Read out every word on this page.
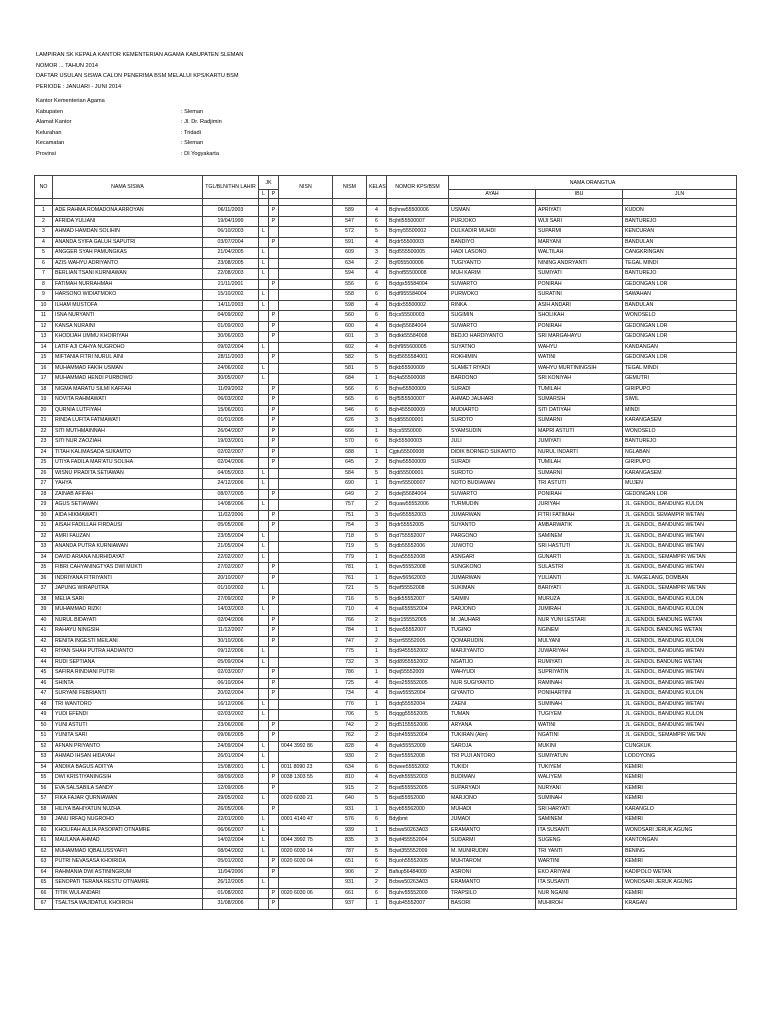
LAMPIRAN SK KEPALA KANTOR KEMENTERIAN AGAMA KABUPATEN SLEMAN
NOMOR ... TAHUN 2014
DAFTAR USULAN SISWA CALON PENERIMA BSM MELALUI KPS/KARTU BSM
PERIODE : JANUARI - JUNI 2014
Kantor Kementerian Agama
Kabupaten	: Sleman
Alamat Kantor	: Jl. Dr. Radjimin
Kelurahan	: Tridadi
Kecamatan	: Sleman
Provinsi	: DI Yogyakarta
NO	NAMA SISWA	TGL/BLN/THN LAHIR	JK		NISN	NISM	KELAS	NOMOR KPS/BSM	NAMA ORANGTUA		
			L	P					AYAH	IBU	JLN

1	ADE RAHMA ROMADONA ARROYAN	06/11/2003		P		589	4	Bcjhnw55500006	USMAN	APRIYATI	KUDON
2	AFRIDA YULIANI	19/04/1999		P		547	6	Bcjhtl55500007	PURJOKO	WIJI SARI	BANTUREJO
3	AHMAD HAMDAN SOLIHIN	06/10/2003	L			572	5	Bcjmy55500002	DULKADIR MUHDI	SUPARMI	KENCURAN
4	ANANDA SYIFA GALUH SAPUTRI	03/07/2004		P		591	4	Bcjdr55500003	BANDIYO	MARYANI	BANDULAN
5	ANGGER SYAH PAMUNGKAS	21/04/2005	L			609	3	Bcjd555500005	HADI LASONO	WALTILAH	CANGKRINGAN
6	AZIS WAHYU ADRIYANTO	23/08/2005	L			634	2	Bcjf055500006	TUGIYANTO	NINING ANDRYANTI	TEGAL MINDI
7	BERLIAN TSANI KURNIAWAN	22/08/2003	L			594	4	Bcjhof55500008	MUH KARIM	SUMIYATI	BANTUREJO
8	FATIMAH NURRAHMAH	21/11/2001		P		556	6	Bcjdgs55584004	SUWARTO	PONIRAH	GEDONGAN LOR
9	HARSONO WIDIATMOKO	15/10/2002	L			558	6	Bcjdf955584004	PURWOKO	SURATINI	SAWAHAN
10	ILHAM MUSTOFA	14/11/2003	L			598	4	Bcjdix55500002	RINKA	ASIH ANDARI	BANDULAN
11	ISNA NURYANTI	04/09/2002		P		560	6	Bcjcs55500003	SUGIMIN	SHOLIKAH	WONOSELO
12	KANSA NURAINI	01/09/2003		P		600	4	Bcjdej55684004	SUWARTO	PONIRAH	GEDONGAN LOR
13	KHODIJAH UMMU KHOIRIYAH	30/06/2003		P		601	3	Bcjdkk55584008	BEDJO HARDIYANTO	SRI MARGAHAYU	GEDONGAN LOR
14	LATIF AJI CAHYA NUGROHO	09/02/2004	L			602	4	Bcjhf955600005	SUYATNO	WAHYU	KANDANGAN
15	MIFTANIA FITRI NURUL AINI	28/11/2003		P		582	5	Bcjd565558400​1	ROKHIMIN	WATINI	GEDONGAN LOR
16	MUHAMMAD FAKIH USMAN	24/06/2002	L			581	5	Bcjkb55500009	SLAMET RIYADI	WAHYU MURTININGSIH	TEGAL MINDI
17	MUHAMMAD HENDI PURBOWO	30/05/2007	L			684	1	Bcj4a55500008	BARDONO	SRI KONIYAH	GEMUTRI
18	NIGMA MARATU SILMI KAFFAH	11/09/2002		P		566	6	Bcjhw55500009	SURADI	TUMILAH	GIRIPUPO
19	NOVITA RAHMAWATI	06/03/2002		P		565	6	Bcjf5l55500007	AHMAD JAUHARI	SUMARSIH	SIWIL
20	QURNIA LUTFIYAH	15/06/2001		P		546	6	Bcjh455500009	MUDIARTO	SITI DATIYAH	MINDI
21	RINDA LUFITA FATMAWATI	01/01/2005		P		626	3	Bcjdi55500001	SURDTO	SUMARNI	KARANGASEM
22	SITI MUTHMAINNAH	26/04/2007		P		666	1	Bcjcs5550000	SYAMSUDIN	MAPRI ASTUTI	WONOSELO
23	SITI NUR ZAOZIAH	19/03/2001		P		570	6	Bcjk55500003	JULI	JUMIYATI	BANTUREJO
24	TITAH KALIMASADA SUKAMTO	02/02/2007		P		688	1	Cjgtu55500008	DIDIK BORNEO SUKAMTO	NURUL INDARTI	NGLABAN
25	UTIYA FADILA MAR'ATU SOLIHA	02/04/2006		P		645	2	Bcjhw55500009	SURADI	TUMILAH	GIRIPUPO
26	WISNU PRADITA SETIAWAN	04/05/2003	L			584	5	Bcjdi55500001	SURDTO	SUMARNI	KARANGASEM
27	YAHYA	24/12/2006	L			690	1	Bcjmr55500007	NOTO BUDIAWAN	TRI ASTUTI	MUJEN
28	ZAINAB AFIFAH	08/07/2005		P		649	2	Bcjdej55684004	SUWARTO	PONIRAH	GEDONGAN LOR
29	AGUS SETIAWAN	14/08/2006	L			757	2	Bcjuaw5555200​6	TURMUDIN	JURIYAH	JL. GENDOL, BANDUNG KULON
30	AIDA HIKMAWATI	11/02/2006		P		751	3	Bcjw955552003	JUMARWAN	FITRI FATIMAH	JL. GENDOL SEMAMPIR WETAN
31	AISAH FADILLAH FIRDAUSI	05/05/2006		P		754	3	Bcjdr55552005	SUYANTO	AMBARWATIK	JL. GENDOL, BANDUNG WETAN
32	AMRI FAUZAN	23/05/2004	L			718	5	Bcjd755552007	PARGONO	SAMINEM	JL. GENDOL, BANDUNG WETAN
33	ANANDA PUTRA KURNIAWAN	21/05/2004	L			719	5	Bcjdb55552006	JUWOTO	SRI HASTUTI	JL. GENDOL, BANDUNG WETAN
34	DAVID ARIANA NURHIDAYAT	22/02/2007	L			779	1	Bcjea55552008	ASNGARI	GUNARTI	JL. GENDOL, SEMAMPIR WETAN
35	FIBRI CAHYANINGTYAS DWI MUKTI	27/02/2007		P		781	1	Bcjwv55552008	SUNGKONO	SULASTRI	JL. GENDOL, BANDUNG WETAN
36	INDRIYANA FITRIYANTI	20/10/2007		P		761	1	Bcjwv56562003	JUMARWAN	YULIANTI	JL. MAGELANG, DOMBAN
37	JAPUNG WIRAPUTRA	01/10/2002	L			721	5	Bcjwf55552008	SUKIMAN	BARIYATI	JL. GENDOL, SEMAMPIR WETAN
38	MELIA SARI	27/09/2002		P		716	5	Bcjdk55552007	SAIMIN	MURUZA	JL. GENDOL, BANDUNG KULON
39	MUHAMMAD RIZKI	14/03/2003	L			710	4	Bcjsa655552004	PARJONO	JUMIRAH	JL. GENDOL, BANDUNG KULON
40	NURUL BIDAYATI	02/04/2006		P		766	2	Bcjsr155552005	M. JAUHARI	NUR YUNI LESTARI	JL. GENDOL BANDUNG WETAN
41	RAHAYU NINGSIH	11/12/2007		P		784	1	Bcjwo55552007	TUGINO	NGINEM	JL. GENDOL BANDUNG WETAN
42	RENITA INGESTI MEILANI	30/10/2006		P		747	2	Bcjsrr55552005	QOMARUDIN	MULYANI	JL. GENDOL, BANDUNG KULON
43	RIYAN SHAH PUTRA HADIANTO	09/12/2006	L			775	1	Bcjd9455552002	MARJIYANTO	JUWARIYAH	JL. GENDOL, BANDUNG WETAN
44	RUDI SEPTIANA	05/09/2004	L			732	3	Bcjd895555200​2	NGATIJO	RUMIYATI	JL. GENDOL BANDUNG WETAN
45	SAFIRA RINDIANI PUTRI	02/03/2007		P		786	1	Bcjwj55552009	WAHYUDI	SUPRIYATIN	JL. GENDOL, BANDUNG WETAN
46	SHINTA	06/10/2004		P		725	4	Bcjes255552005	NUR SUGIYANTO	RAMINAH	JL. GENDOL, BANDUNG WETAN
47	SURYANI FEBRIANTI	20/02/2004		P		734	4	Bcjsw55552004	GIYANTO	PONIHARTINI	JL. GENDOL, BANDUNG KULON
48	TRI WANTORO	16/12/2006	L			776	1	Bcjdq55552004	ZAENI	SUMINAH	JL. GENDOL, BANDUNG WETAN
49	YUDI EFENDI	02/03/2002	L			706	5	Bcjqgg55552005	TUMAN	TUGIYEM	JL. GENDOL, BANDUNG KULON
50	YUNI ASTUTI	23/06/2006		P		742	2	Bcjd5155552006	ARYANA	WATINI	JL. GENDOL, BANDUNG WETAN
51	YUNITA SARI	09/06/2005		P		762	2	Bcjsh455552004	TUKIRAN (Alm)	NGATINI	JL. GENDOL, SEMAMPIR WETAN
52	AFNAN PRIYANTO	24/09/2004	L		0044 3992 86	828	4	Bcjwk55552009	SAROJA	MUKINI	CUNGKUK
53	AHMAD IHSAN HIDAYAH	26/01/2004	L			930	2	Bcjwr55552008	TRI PUJI ANTORO	SUMIYATUN	LODOYONG
54	ANDIKA BAGUS ADITYA	15/08/2001	L		0011 8090 23	634	6	Bcjwee55552002	TUKIDI	TUKIYEM	KEMIRI
55	DWI KRISTIYANINGSIH	08/09/2003		P	0038 1303 55	810	4	Bcjvdh55552003	BUDIMAN	WALIYEM	KEMIRI
56	EVA SALSABILA SANDY	12/09/2005		P		915	2	Bcjsd555552005	SUPARYADI	NURYANI	KEMIRI
57	FIKA FAJAR QURNIAWAN	29/05/2002	L		0020 6030 21	640	5	Bcjsd55552000	MARJONO	SUMINAH	KEMIRI
58	HILIYA BAHIYATUN NUZHA	26/05/2006		P		931	1	Bcjvb55562000	MUHADI	SRI HARYATI	KARANGLO
59	JANU IRFAQ NUGROHO	22/01/2000	L		0001 4140 47	576	6	Bdyjbmt	JUMADI	SAMINEM	KEMIRI
60	KHOLIFAH AULIA PASOPATI OTNAMRE	06/06/2007	L			939	1	Bcbws50263A03	ERAMANTO	ITA SUSANTI	WONOSARI JERUK AGUNG
61	MAULANA AHMAD	14/02/2004	L		0044 3992 75	835	3	Bcjwt455552004	SUDARMI	SUGENG	KANTONGAN
62	MUHAMMAD IQBALUSSYAFI'I	08/04/2002	L		0020 6030 14	787	5	Bcjwt355552009	M. MUNIRUDIN	TRI YANTI	BENING
63	PUTRI NEVASASA KHOIRIDA	05/01/2002		P	0020 6030 04	651	6	Bcjuoh55552005	MUHTAROM	WARTINI	KEMIRI
64	RAHMANIA DWI ASTININGRUM	11/04/2006		P		906	2	Bafiup56484009	ASRONI	EKO ARIYANI	KADIPOLO WETAN
65	SENOPATI TERANA RESTU OTNAMRE	26/12/2005	L			931	2	Bcbws50263A03	ERAMANTO	ITA SUSANTI	WONOSARI JERUK AGUNG
66	TITIK WULANDARI	01/08/2002		P	0020 6030 06	661	6	Bcjuhv55552009	TRAPSILO	NUR NGAINI	KEMIRI
67	TSALTSA WAJIDATUL KHOIROH	31/08/2006		P		937	1	Bcjub45552007	BASORI	MUHIROH	KRAGAN
